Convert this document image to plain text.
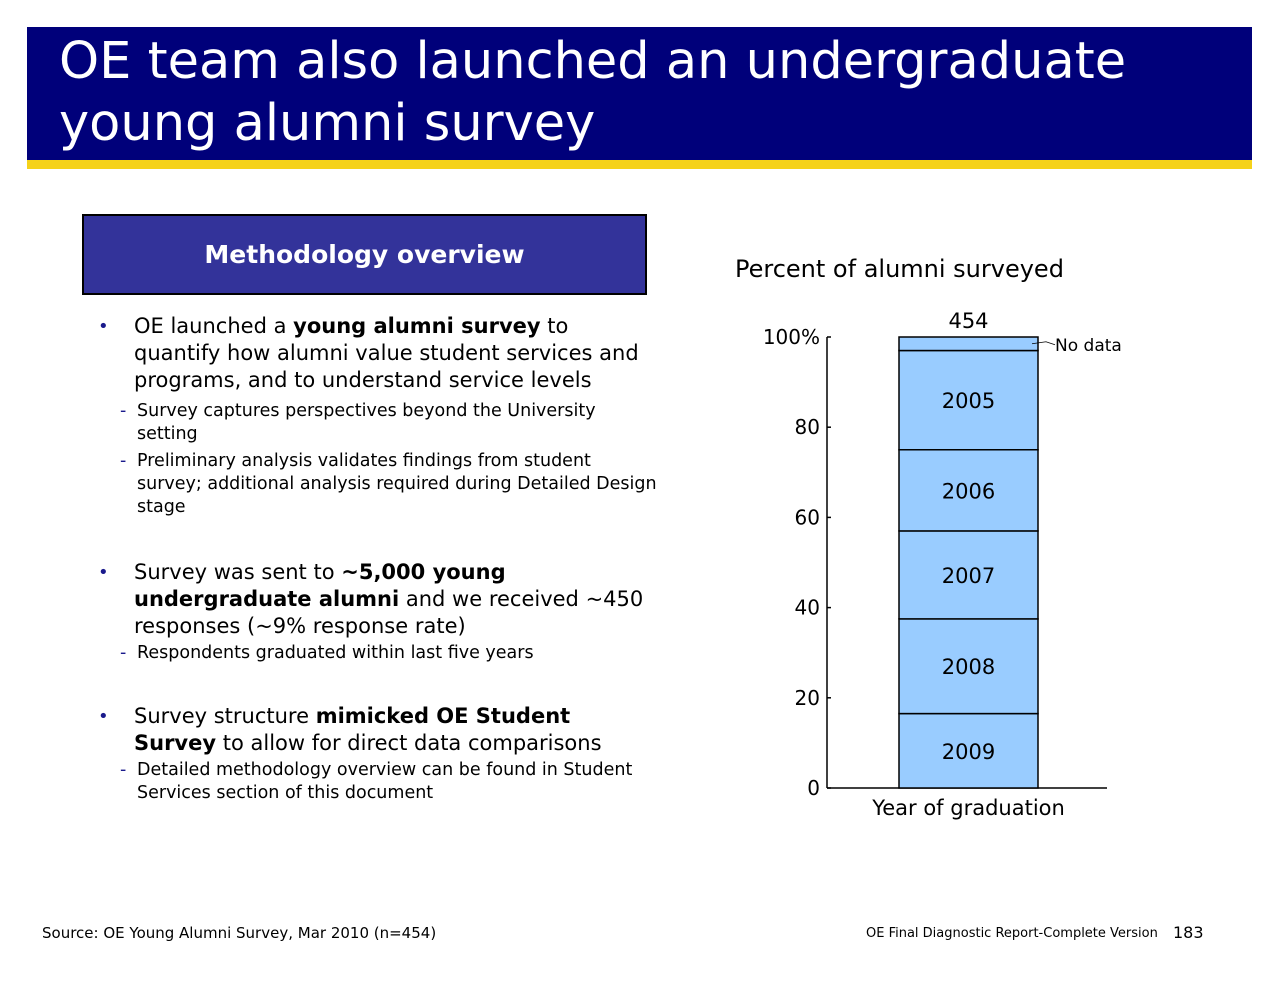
OE team also launched an undergraduate
young alumni survey
Methodology overview
• OE launched a young alumni survey to quantify how alumni value student services and programs, and to understand service levels
- Survey captures perspectives beyond the University setting
- Preliminary analysis validates findings from student survey; additional analysis required during Detailed Design stage
• Survey was sent to ~5,000 young undergraduate alumni and we received ~450 responses (~9% response rate)
- Respondents graduated within last five years
• Survey structure mimicked OE Student Survey to allow for direct data comparisons
- Detailed methodology overview can be found in Student Services section of this document
Percent of alumni surveyed
0
20
40
60
80
100%
2009
2008
2007
2006
2005
No data
454
Year of graduation
Source: OE Young Alumni Survey, Mar 2010 (n=454)	OE Final Diagnostic Report-Complete Version 183
